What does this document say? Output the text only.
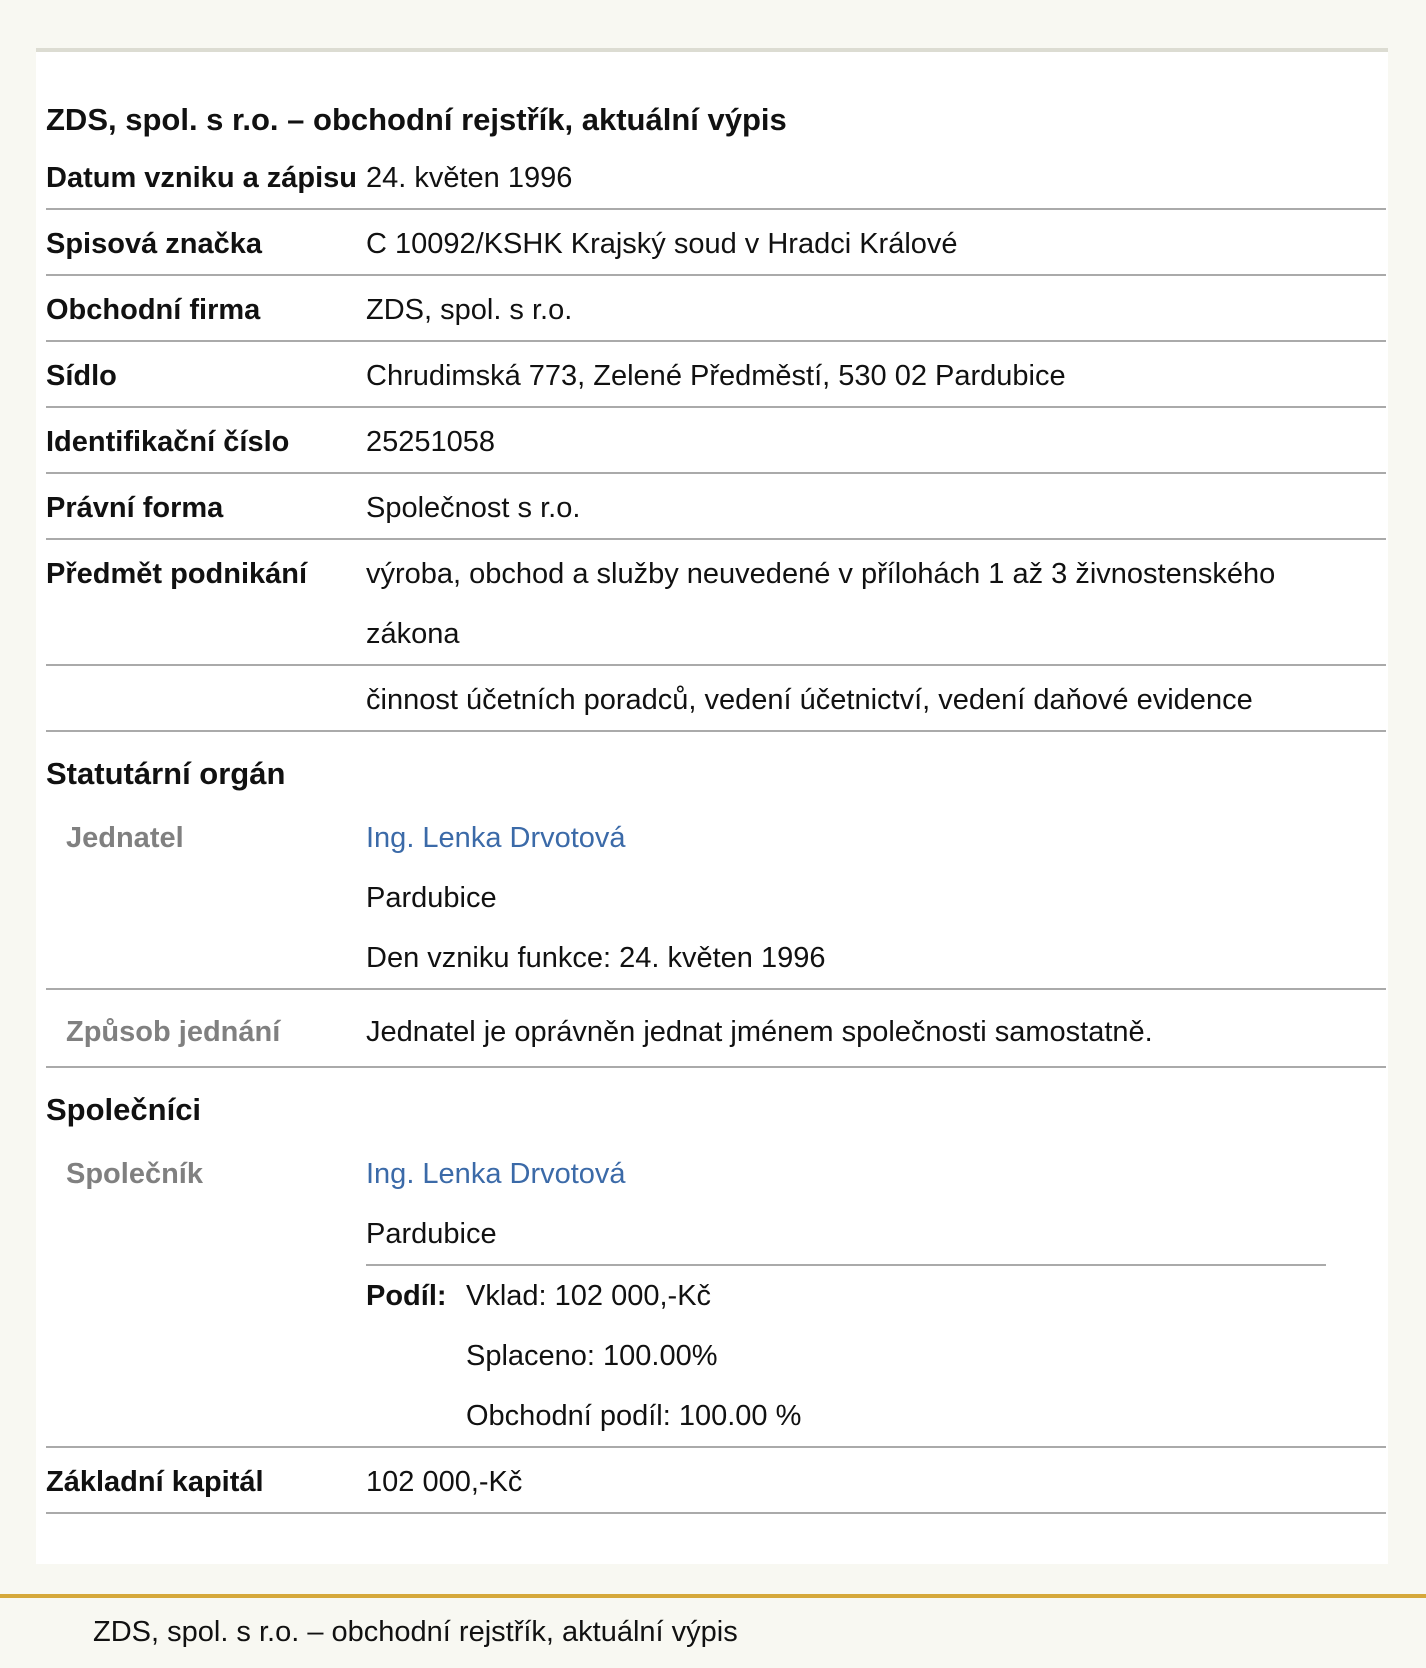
ZDS, spol. s r.o. – obchodní rejstřík, aktuální výpis
Datum vzniku a zápisu 24. květen 1996
Spisová značka	C 10092/KSHK Krajský soud v Hradci Králové
Obchodní firma	ZDS, spol. s r.o.
Sídlo	Chrudimská 773, Zelené Předměstí, 530 02 Pardubice
Identifikační číslo	25251058
Právní forma	Společnost s r.o.
Předmět podnikání	výroba, obchod a služby neuvedené v přílohách 1 až 3 živnostenského zákona
činnost účetních poradců, vedení účetnictví, vedení daňové evidence
Statutární orgán
Jednatel	Ing. Lenka Drvotová
Pardubice
Den vzniku funkce: 24. květen 1996
Způsob jednání	Jednatel je oprávněn jednat jménem společnosti samostatně.
Společníci
Společník	Ing. Lenka Drvotová
Pardubice
Podíl: Vklad: 102 000,-Kč
Splaceno: 100.00%
Obchodní podíl: 100.00 %
Základní kapitál	102 000,-Kč
ZDS, spol. s r.o. – obchodní rejstřík, aktuální výpis
